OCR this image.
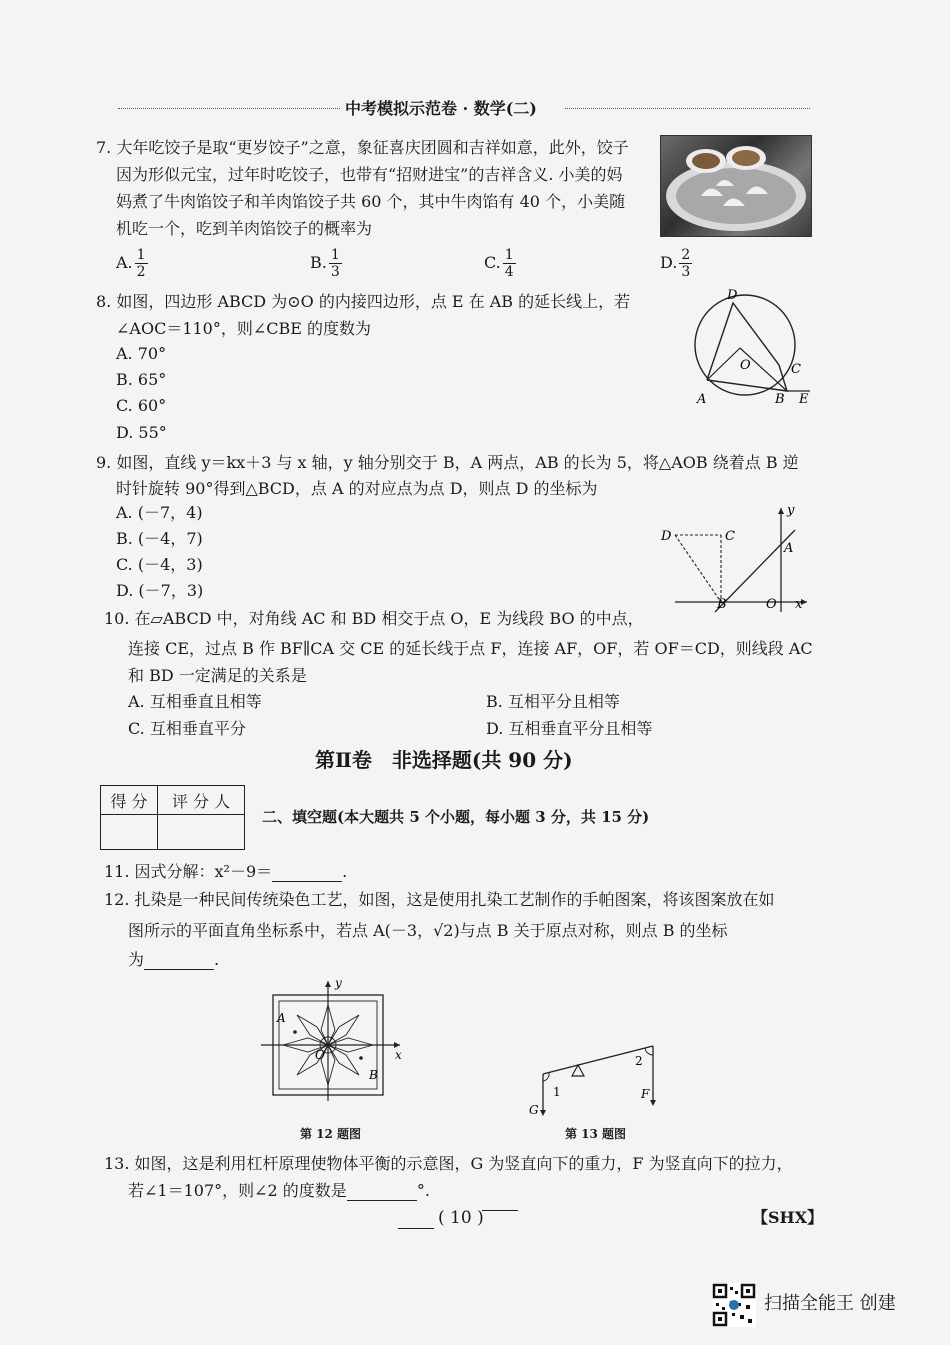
中考模拟示范卷 · 数学(二)
7. 大年吃饺子是取“更岁饺子”之意，象征喜庆团圆和吉祥如意，此外，饺子
因为形似元宝，过年时吃饺子，也带有“招财进宝”的吉祥含义. 小美的妈
妈煮了牛肉馅饺子和羊肉馅饺子共 60 个，其中牛肉馅有 40 个，小美随
机吃一个，吃到羊肉馅饺子的概率为
A. $\frac{1}{2}$	B. $\frac{1}{3}$	C. $\frac{1}{4}$	D. $\frac{2}{3}$
8. 如图，四边形 ABCD 为⊙O 的内接四边形，点 E 在 AB 的延长线上，若
∠AOC＝110°，则∠CBE 的度数为
A. 70°
B. 65°
C. 60°
D. 55°
D
O	C
A	B E
9. 如图，直线 y＝kx＋3 与 x 轴，y 轴分别交于 B，A 两点，AB 的长为 5，将△AOB 绕着点 B 逆
时针旋转 90°得到△BCD，点 A 的对应点为点 D，则点 D 的坐标为
A. (－7，4)
B. (－4，7)
C. (－4，3)
D. (－7，3)
y
D	C
A
B	O x
10. 在▱ABCD 中，对角线 AC 和 BD 相交于点 O，E 为线段 BO 的中点，
连接 CE，过点 B 作 BF∥CA 交 CE 的延长线于点 F，连接 AF，OF，若 OF＝CD，则线段 AC
和 BD 一定满足的关系是
A. 互相垂直且相等	B. 互相平分且相等
C. 互相垂直平分	D. 互相垂直平分且相等
第Ⅱ卷　非选择题(共 90 分)
得 分	评 分 人

二、填空题(本大题共 5 个小题，每小题 3 分，共 15 分)
11. 因式分解：x²－9＝	.
12. 扎染是一种民间传统染色工艺，如图，这是使用扎染工艺制作的手帕图案，将该图案放在如
图所示的平面直角坐标系中，若点 A(－3，√2)与点 B 关于原点对称，则点 B 的坐标
为	.
y
A
O	x
B
第 12 题图
1
2
G
F
第 13 题图
13. 如图，这是利用杠杆原理使物体平衡的示意图，G 为竖直向下的重力，F 为竖直向下的拉力，
若∠1＝107°，则∠2 的度数是	°.
( 10 )	【SHX】
扫描全能王 创建
